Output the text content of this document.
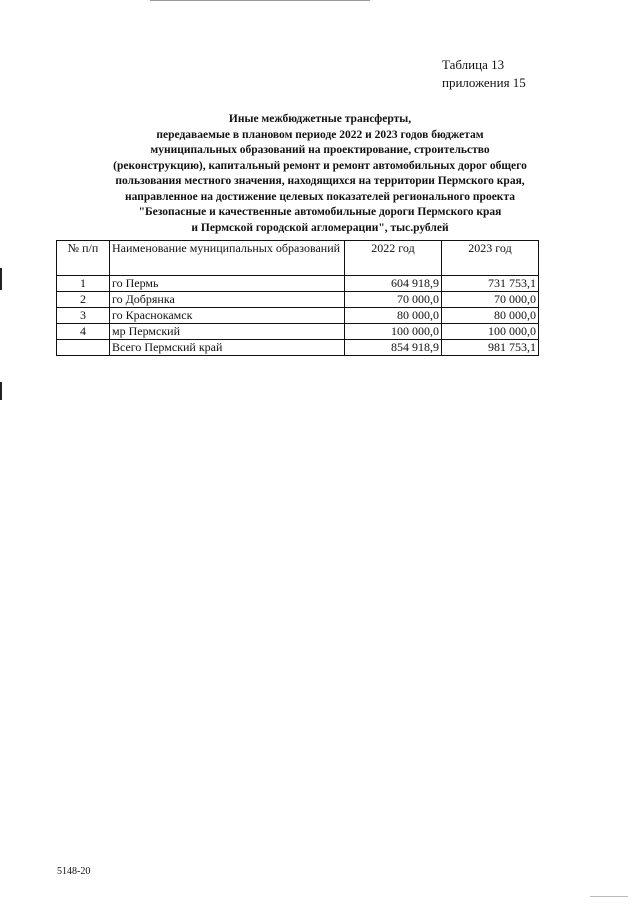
Таблица 13
приложения 15
Иные межбюджетные трансферты,
передаваемые в плановом периоде 2022 и 2023 годов бюджетам
муниципальных образований на проектирование, строительство
(реконструкцию), капитальный ремонт и ремонт автомобильных дорог общего
пользования местного значения, находящихся на территории Пермского края,
направленное на достижение целевых показателей регионального проекта
"Безопасные и качественные автомобильные дороги Пермского края
и Пермской городской агломерации", тыс.рублей
№ п/п	Наименование муниципальных образований	2022 год	2023 год
1	го Пермь	604 918,9	731 753,1
2	го Добрянка	70 000,0	70 000,0
3	го Краснокамск	80 000,0	80 000,0
4	мр Пермский	100 000,0	100 000,0
	Всего Пермский край	854 918,9	981 753,1
5148-20
